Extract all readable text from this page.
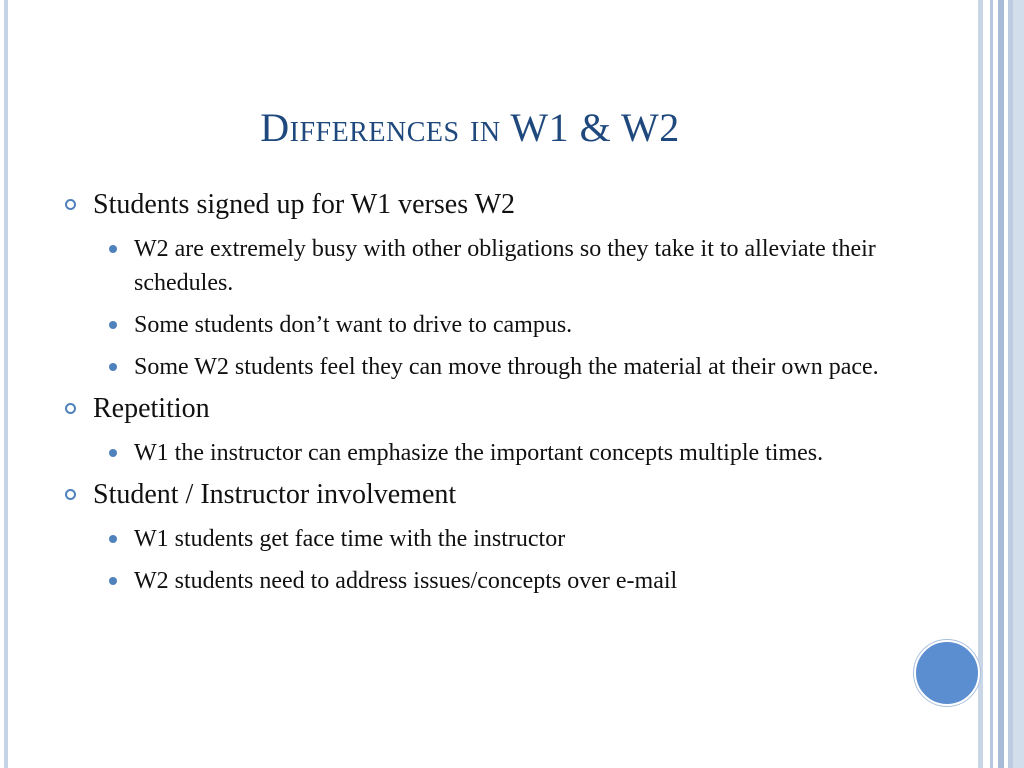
Differences in W1 & W2
Students signed up for W1 verses W2
W2 are extremely busy with other obligations so they take it to alleviate their schedules.
Some students don’t want to drive to campus.
Some W2 students feel they can move through the material at their own pace.
Repetition
W1 the instructor can emphasize the important concepts multiple times.
Student / Instructor involvement
W1 students get face time with the instructor
W2 students need to address issues/concepts over e-mail
